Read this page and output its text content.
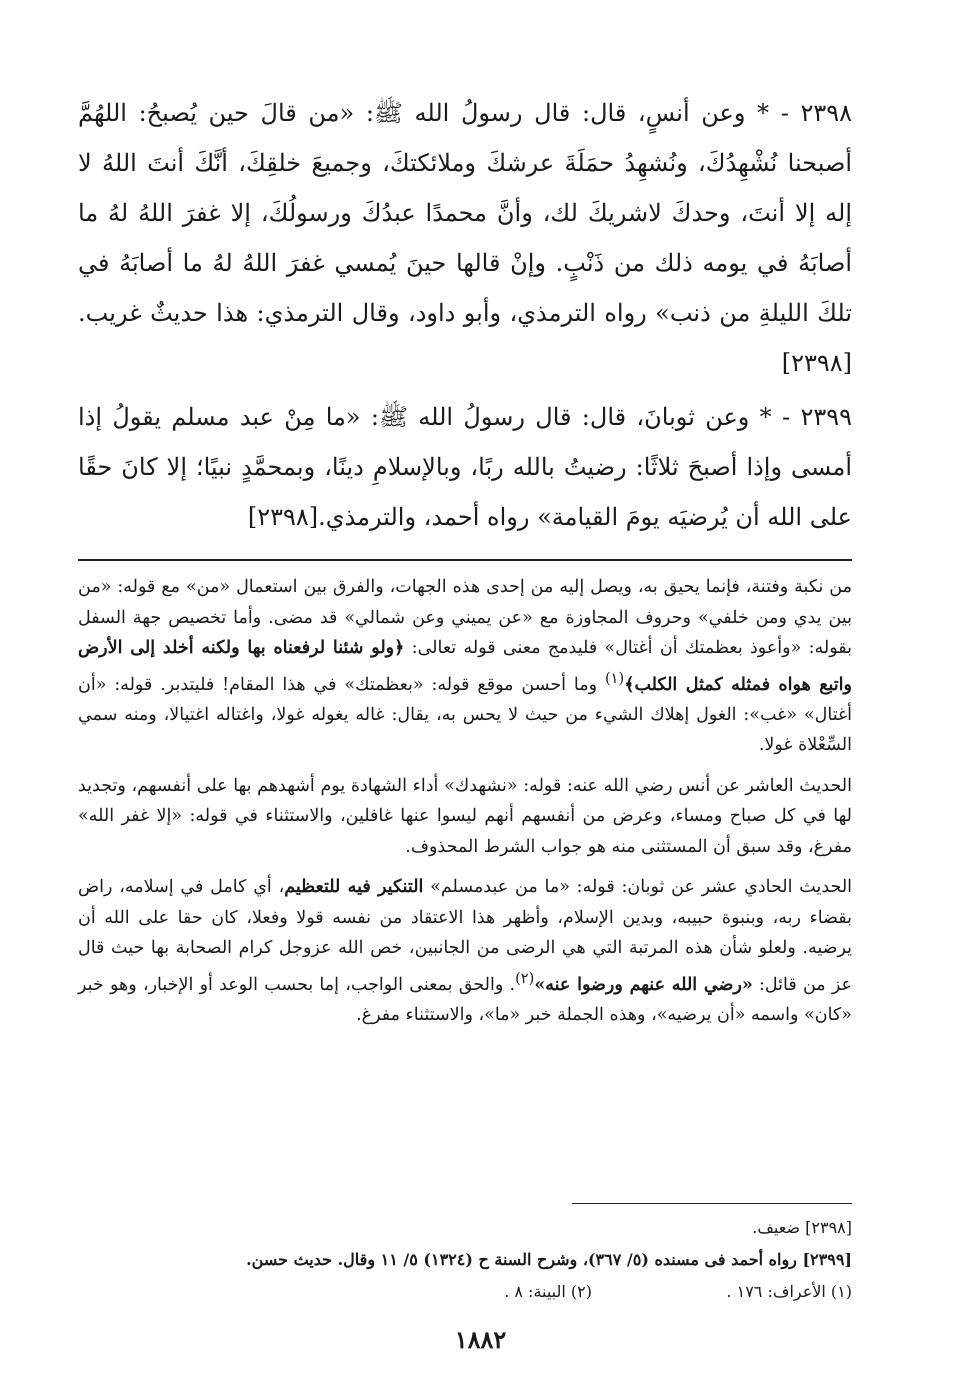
٢٣٩٨ - * وعن أنسٍ، قال: قال رسولُ الله ﷺ: «من قالَ حين يُصبحُ: اللهُمَّ أصبحنا نُشْهِدُكَ، ونُشهِدُ حمَلَةَ عرشكَ وملائكتكَ، وجميعَ خلقِكَ، أنَّكَ أنتَ اللهُ لا إله إلا أنتَ، وحدكَ لاشريكَ لك، وأنَّ محمدًا عبدُكَ ورسولُكَ، إلا غفرَ اللهُ لهُ ما أصابَهُ في يومه ذلك من ذَنْبٍ. وإنْ قالها حينَ يُمسي غفرَ اللهُ لهُ ما أصابَهُ في تلكَ الليلةِ من ذنب» رواه الترمذي، وأبو داود، وقال الترمذي: هذا حديثٌ غريب.[٢٣٩٨]

٢٣٩٩ - * وعن ثوبانَ، قال: قال رسولُ الله ﷺ: «ما مِنْ عبد مسلم يقولُ إذا أمسى وإذا أصبحَ ثلاثًا: رضيتُ بالله ربًا، وبالإسلامِ دينًا، وبمحمَّدٍ نبيًا؛ إلا كانَ حقًا على الله أن يُرضيَه يومَ القيامة» رواه أحمد، والترمذي.[٢٣٩٨]

من نكبة وفتنة، فإنما يحيق به، ويصل إليه من إحدى هذه الجهات، والفرق بين استعمال «من» مع قوله: «من بين يدي ومن خلفي» وحروف المجاوزة مع «عن يميني وعن شمالي» قد مضى. وأما تخصيص جهة السفل بقوله: «وأعوذ بعظمتك أن أغتال» فليدمج معنى قوله تعالى: ﴿ولو شئنا لرفعناه بها ولكنه أخلد إلى الأرض واتبع هواه فمثله كمثل الكلب﴾$^{(١)}$ وما أحسن موقع قوله: «بعظمتك» في هذا المقام! فليتدبر. قوله: «أن أغتال» «غب»: الغول إهلاك الشيء من حيث لا يحس به، يقال: غاله يغوله غولا، واغتاله اغتيالا، ومنه سمي السِّعْلاة غولا.

الحديث العاشر عن أنس رضي الله عنه: قوله: «نشهدك» أداء الشهادة يوم أشهدهم بها على أنفسهم، وتجديد لها في كل صباح ومساء، وعرض من أنفسهم أنهم ليسوا عنها غافلين، والاستثناء في قوله: «إلا غفر الله» مفرغ، وقد سبق أن المستثنى منه هو جواب الشرط المحذوف.

الحديث الحادي عشر عن ثوبان: قوله: «ما من عبدمسلم» التنكير فيه للتعظيم، أي كامل في إسلامه، راض بقضاء ربه، وبنبوة حبيبه، وبدين الإسلام، وأظهر هذا الاعتقاد من نفسه قولا وفعلا، كان حقا على الله أن يرضيه. ولعلو شأن هذه المرتبة التي هي الرضى من الجانبين، خص الله عزوجل كرام الصحابة بها حيث قال عز من قائل: «رضي الله عنهم ورضوا عنه»$^{(٢)}$. والحق بمعنى الواجب، إما بحسب الوعد أو الإخبار، وهو خبر «كان» واسمه «أن يرضيه»، وهذه الجملة خبر «ما»، والاستثناء مفرغ.

[٢٣٩٨] ضعيف.
[٢٣٩٩] رواه أحمد فى مسنده (٥/ ٣٦٧)، وشرح السنة ح (١٣٢٤) ٥/ ١١ وقال. حديث حسن.
(١) الأعراف: ١٧٦ .
(٢) البينة: ٨ .
١٨٨٢
